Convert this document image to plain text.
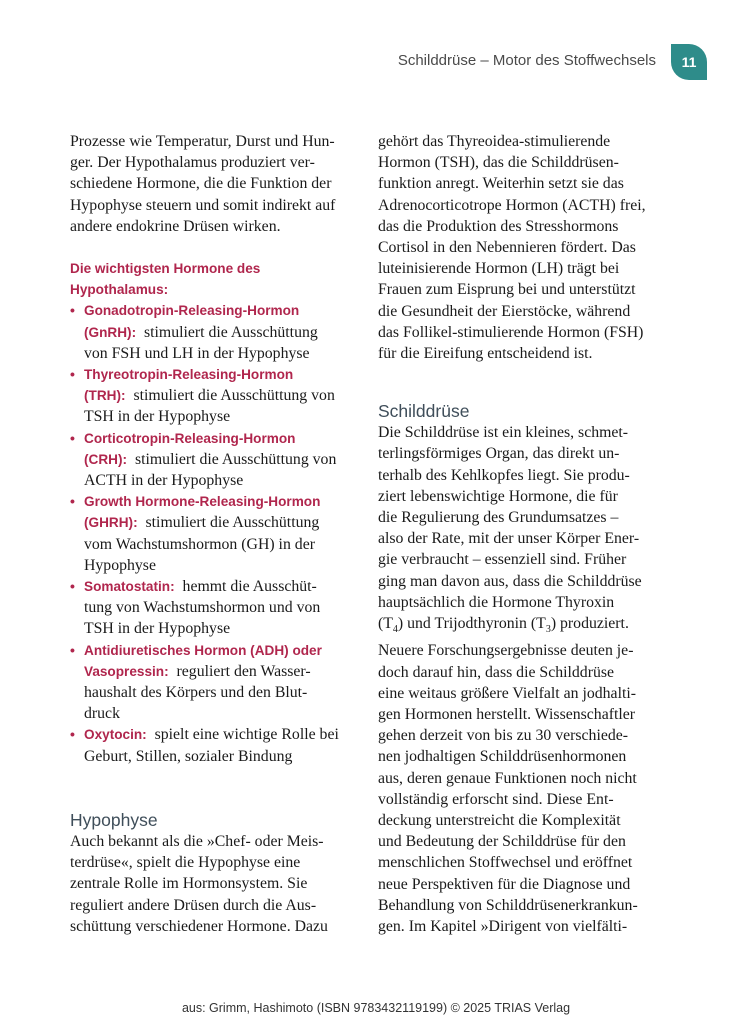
Schilddrüse – Motor des Stoffwechsels	11
Prozesse wie Temperatur, Durst und Hun-
ger. Der Hypothalamus produziert ver-
schiedene Hormone, die die Funktion der
Hypophyse steuern und somit indirekt auf
andere endokrine Drüsen wirken.
Die wichtigsten Hormone des
Hypothalamus:
• Gonadotropin-Releasing-Hormon
(GnRH): stimuliert die Ausschüttung
von FSH und LH in der Hypophyse
• Thyreotropin-Releasing-Hormon
(TRH): stimuliert die Ausschüttung von
TSH in der Hypophyse
• Corticotropin-Releasing-Hormon
(CRH): stimuliert die Ausschüttung von
ACTH in der Hypophyse
• Growth Hormone-Releasing-Hormon
(GHRH): stimuliert die Ausschüttung
vom Wachstumshormon (GH) in der
Hypophyse
• Somatostatin: hemmt die Ausschüt-
tung von Wachstumshormon und von
TSH in der Hypophyse
• Antidiuretisches Hormon (ADH) oder
Vasopressin: reguliert den Wasser-
haushalt des Körpers und den Blut-
druck
• Oxytocin: spielt eine wichtige Rolle bei
Geburt, Stillen, sozialer Bindung
Hypophyse
Auch bekannt als die »Chef- oder Meis-
terdrüse«, spielt die Hypophyse eine
zentrale Rolle im Hormonsystem. Sie
reguliert andere Drüsen durch die Aus-
schüttung verschiedener Hormone. Dazu
gehört das Thyreoidea-stimulierende
Hormon (TSH), das die Schilddrüsen-
funktion anregt. Weiterhin setzt sie das
Adrenocorticotrope Hormon (ACTH) frei,
das die Produktion des Stresshormons
Cortisol in den Nebennieren fördert. Das
luteinisierende Hormon (LH) trägt bei
Frauen zum Eisprung bei und unterstützt
die Gesundheit der Eierstöcke, während
das Follikel-stimulierende Hormon (FSH)
für die Eireifung entscheidend ist.
Schilddrüse
Die Schilddrüse ist ein kleines, schmet-
terlingsförmiges Organ, das direkt un-
terhalb des Kehlkopfes liegt. Sie produ-
ziert lebenswichtige Hormone, die für
die Regulierung des Grundumsatzes –
also der Rate, mit der unser Körper Ener-
gie verbraucht – essenziell sind. Früher
ging man davon aus, dass die Schilddrüse
hauptsächlich die Hormone Thyroxin
$(T_4)$ und Trijodthyronin $(T_3)$ produziert.
Neuere Forschungsergebnisse deuten je-
doch darauf hin, dass die Schilddrüse
eine weitaus größere Vielfalt an jodhalti-
gen Hormonen herstellt. Wissenschaftler
gehen derzeit von bis zu 30 verschiede-
nen jodhaltigen Schilddrüsenhormonen
aus, deren genaue Funktionen noch nicht
vollständig erforscht sind. Diese Ent-
deckung unterstreicht die Komplexität
und Bedeutung der Schilddrüse für den
menschlichen Stoffwechsel und eröffnet
neue Perspektiven für die Diagnose und
Behandlung von Schilddrüsenerkrankun-
gen. Im Kapitel »Dirigent von vielfälti-
aus: Grimm, Hashimoto (ISBN 9783432119199) © 2025 TRIAS Verlag
